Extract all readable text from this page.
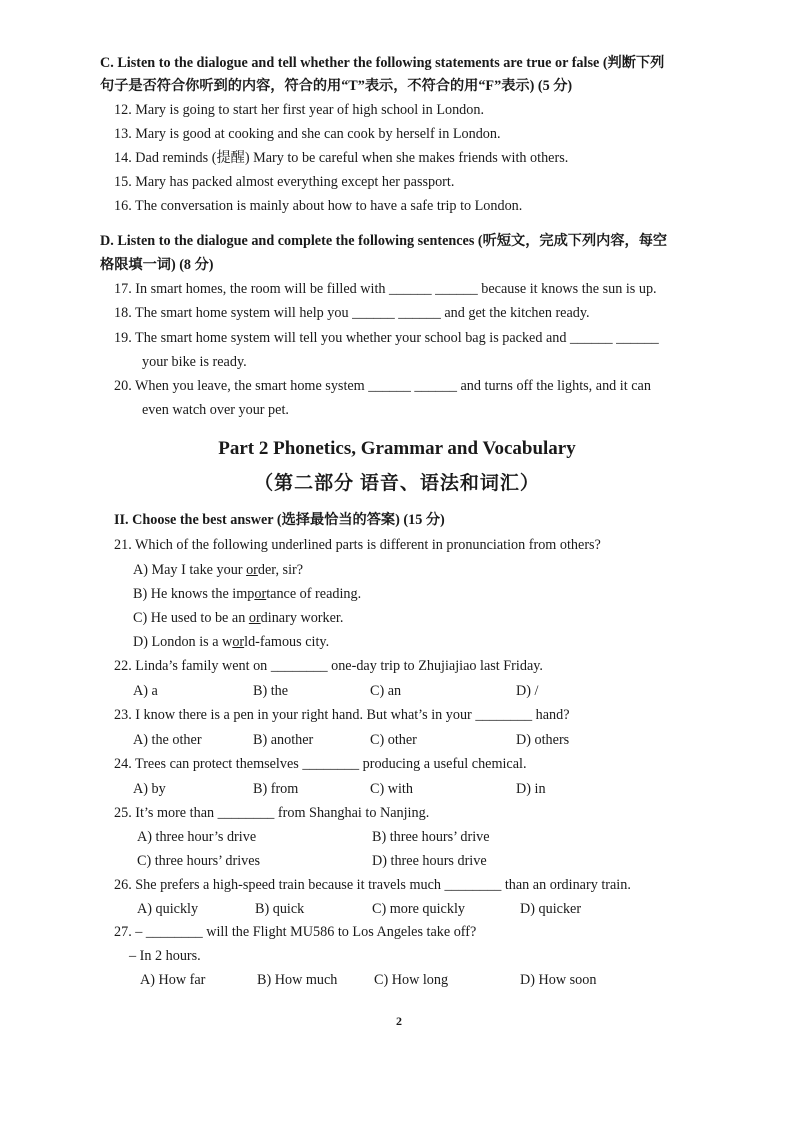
C. Listen to the dialogue and tell whether the following statements are true or false (判断下列
句子是否符合你听到的内容，符合的用“T”表示，不符合的用“F”表示) (5 分)
12. Mary is going to start her first year of high school in London.
13. Mary is good at cooking and she can cook by herself in London.
14. Dad reminds (提醒) Mary to be careful when she makes friends with others.
15. Mary has packed almost everything except her passport.
16. The conversation is mainly about how to have a safe trip to London.
D. Listen to the dialogue and complete the following sentences (听短文，完成下列内容，每空
格限填一词) (8 分)
17. In smart homes, the room will be filled with ______ ______ because it knows the sun is up.
18. The smart home system will help you ______ ______ and get the kitchen ready.
19. The smart home system will tell you whether your school bag is packed and ______ ______
your bike is ready.
20. When you leave, the smart home system ______ ______ and turns off the lights, and it can
even watch over your pet.
Part 2 Phonetics, Grammar and Vocabulary
（第二部分 语音、语法和词汇）
II. Choose the best answer (选择最恰当的答案) (15 分)
21. Which of the following underlined parts is different in pronunciation from others?
A) May I take your order, sir?
B) He knows the importance of reading.
C) He used to be an ordinary worker.
D) London is a world-famous city.
22. Linda’s family went on ________ one-day trip to Zhujiajiao last Friday.
A) a	B) the	C) an	D) /
23. I know there is a pen in your right hand. But what’s in your ________ hand?
A) the other	B) another	C) other	D) others
24. Trees can protect themselves ________ producing a useful chemical.
A) by	B) from	C) with	D) in
25. It’s more than ________ from Shanghai to Nanjing.
A) three hour’s drive	B) three hours’ drive
C) three hours’ drives	D) three hours drive
26. She prefers a high-speed train because it travels much ________ than an ordinary train.
A) quickly	B) quick	C) more quickly	D) quicker
27. – ________ will the Flight MU586 to Los Angeles take off?
– In 2 hours.
A) How far	B) How much	C) How long	D) How soon
2
